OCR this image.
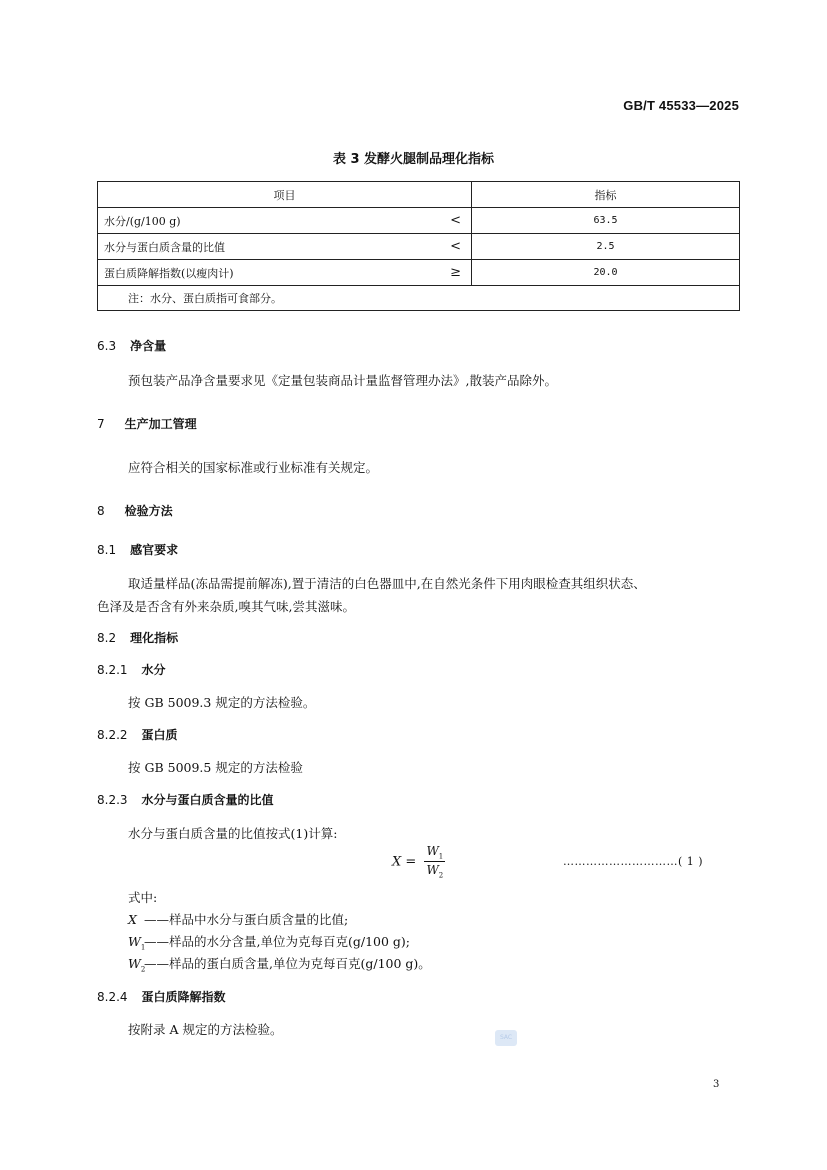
GB/T 45533—2025
表 3 发酵火腿制品理化指标
项目		指标
水分/(g/100 g)	<	63.5
水分与蛋白质含量的比值	<	2.5
蛋白质降解指数(以瘦肉计)	≥	20.0
注：水分、蛋白质指可食部分。		
6.3 净含量
预包装产品净含量要求见《定量包装商品计量监督管理办法》,散装产品除外。
7 生产加工管理
应符合相关的国家标准或行业标准有关规定。
8 检验方法
8.1 感官要求
取适量样品(冻品需提前解冻),置于清洁的白色器皿中,在自然光条件下用肉眼检查其组织状态、
色泽及是否含有外来杂质,嗅其气味,尝其滋味。
8.2 理化指标
8.2.1 水分
按 GB 5009.3 规定的方法检验。
8.2.2 蛋白质
按 GB 5009.5 规定的方法检验
8.2.3 水分与蛋白质含量的比值
水分与蛋白质含量的比值按式(1)计算:
$X = \frac{W_1}{W_2}$	…………………………( 1 )
式中:
X ——样品中水分与蛋白质含量的比值;
$W_1——$样品的水分含量,单位为克每百克(g/100 g);
$W_2——$样品的蛋白质含量,单位为克每百克(g/100 g)。
8.2.4 蛋白质降解指数
按附录 A 规定的方法检验。
SAC
3
